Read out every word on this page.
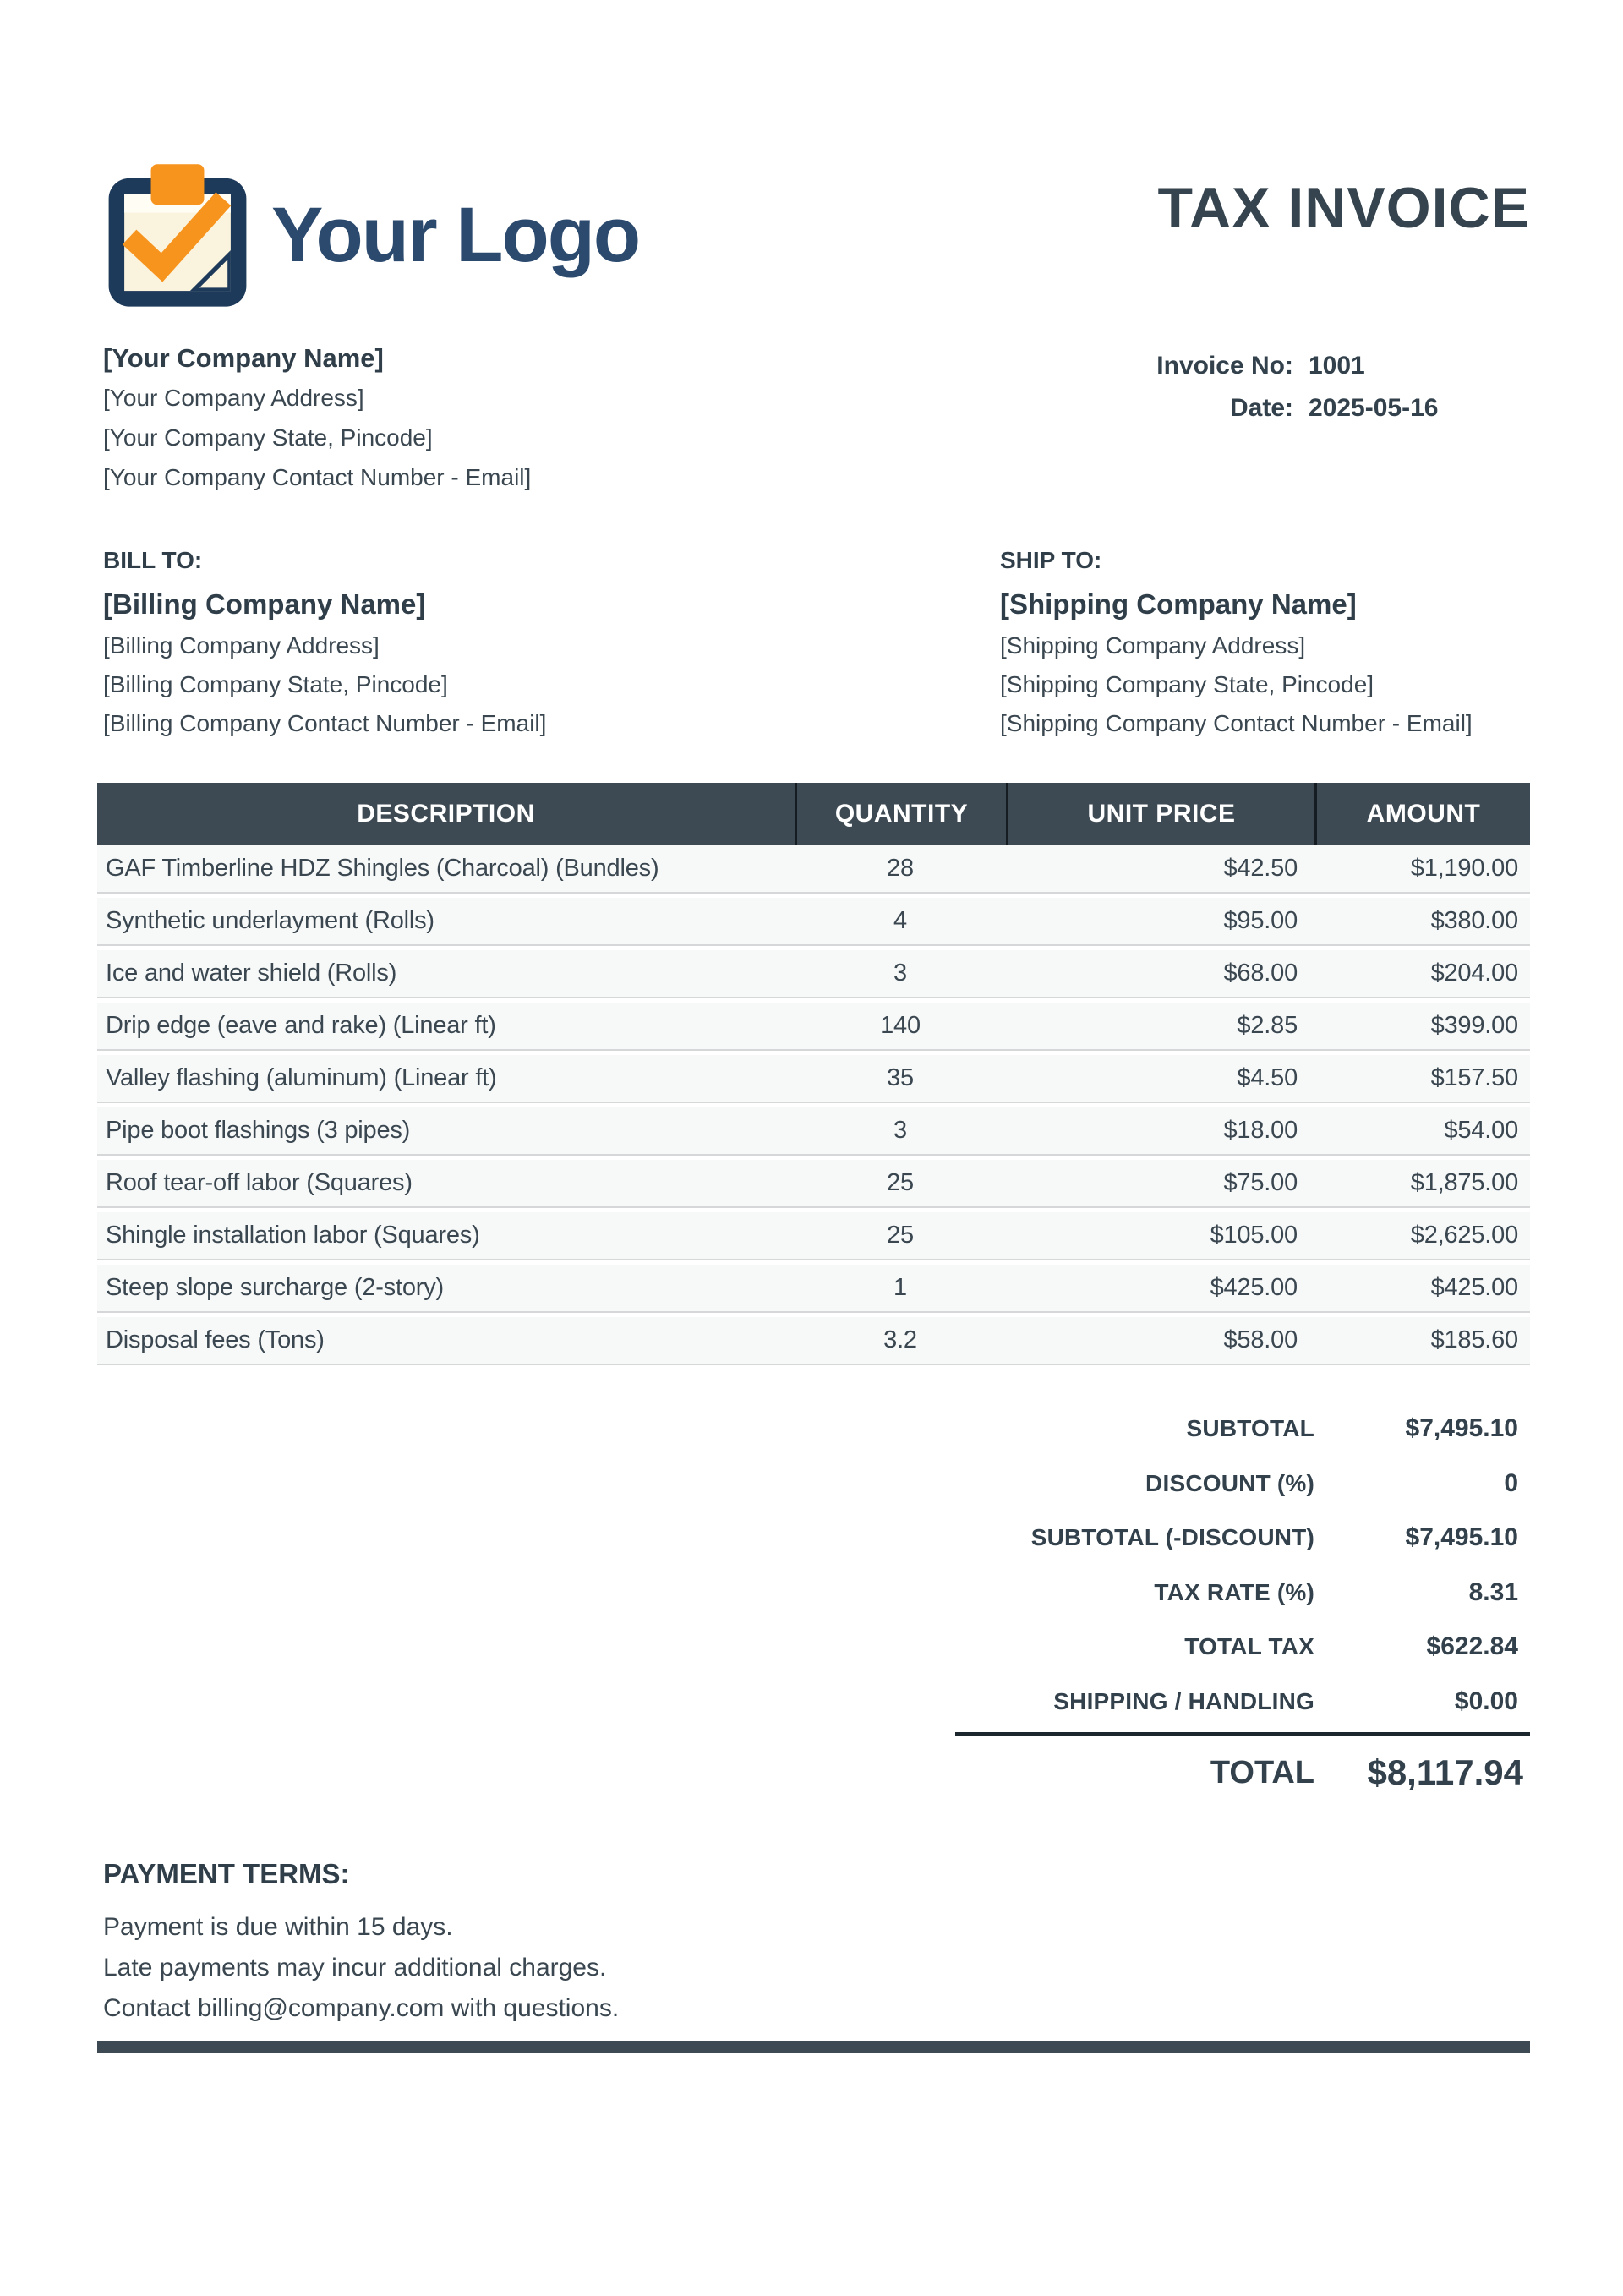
Your Logo	TAX INVOICE
[Your Company Name]
[Your Company Address]
[Your Company State, Pincode]
[Your Company Contact Number - Email]
Invoice No: 1001
Date: 2025-05-16
BILL TO:
[Billing Company Name]
[Billing Company Address]
[Billing Company State, Pincode]
[Billing Company Contact Number - Email]
SHIP TO:
[Shipping Company Name]
[Shipping Company Address]
[Shipping Company State, Pincode]
[Shipping Company Contact Number - Email]
DESCRIPTION	QUANTITY	UNIT PRICE	AMOUNT
GAF Timberline HDZ Shingles (Charcoal) (Bundles)	28	$42.50	$1,190.00
Synthetic underlayment (Rolls)	4	$95.00	$380.00
Ice and water shield (Rolls)	3	$68.00	$204.00
Drip edge (eave and rake) (Linear ft)	140	$2.85	$399.00
Valley flashing (aluminum) (Linear ft)	35	$4.50	$157.50
Pipe boot flashings (3 pipes)	3	$18.00	$54.00
Roof tear-off labor (Squares)	25	$75.00	$1,875.00
Shingle installation labor (Squares)	25	$105.00	$2,625.00
Steep slope surcharge (2-story)	1	$425.00	$425.00
Disposal fees (Tons)	3.2	$58.00	$185.60
SUBTOTAL	$7,495.10
DISCOUNT (%)	0
SUBTOTAL (-DISCOUNT)	$7,495.10
TAX RATE (%)	8.31
TOTAL TAX	$622.84
SHIPPING / HANDLING	$0.00
TOTAL	$8,117.94
PAYMENT TERMS:
Payment is due within 15 days.
Late payments may incur additional charges.
Contact billing@company.com with questions.
